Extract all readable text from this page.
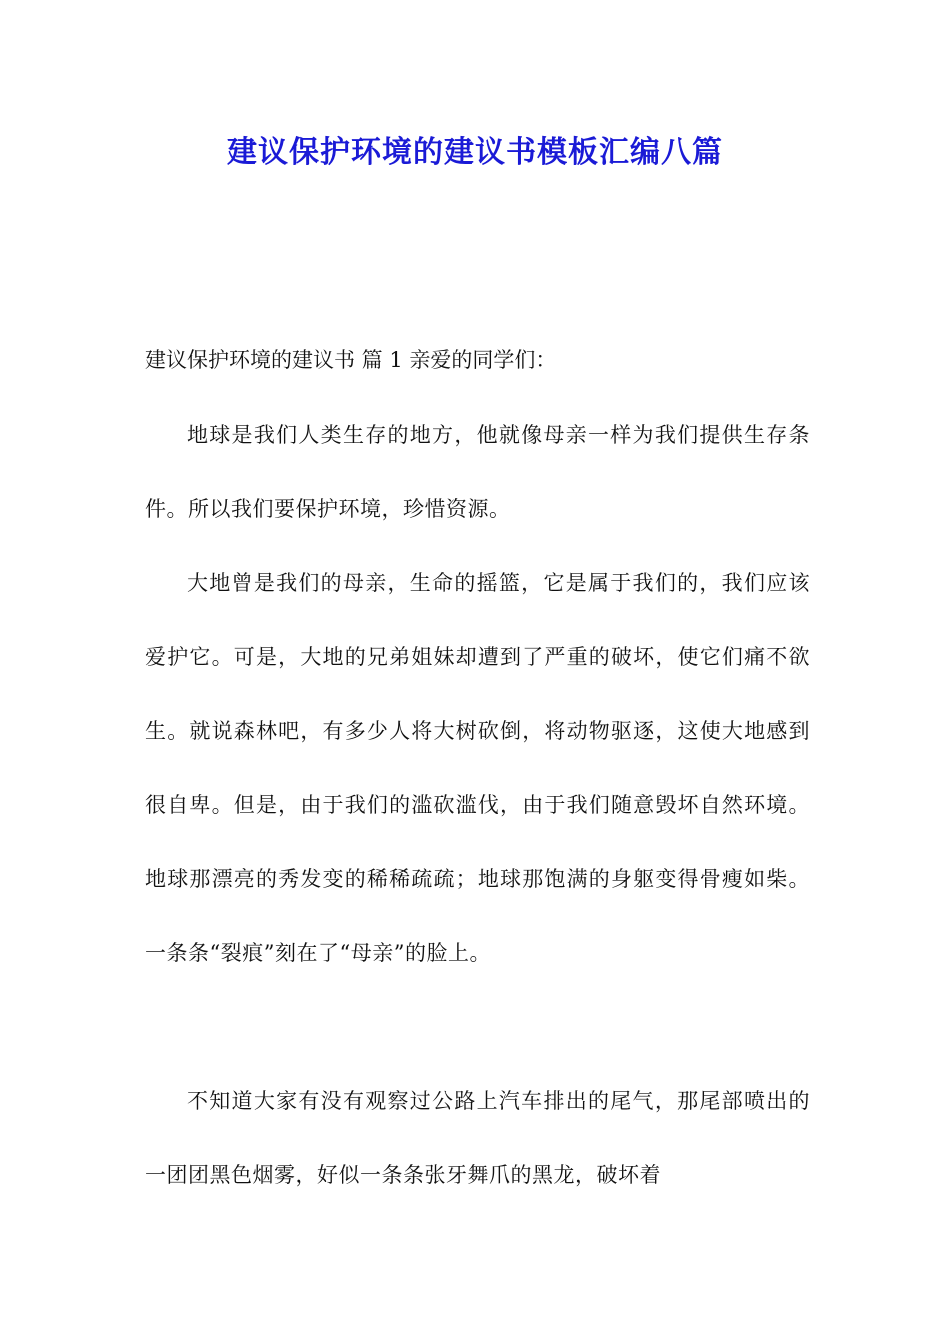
建议保护环境的建议书模板汇编八篇

建议保护环境的建议书 篇 1 亲爱的同学们：

地球是我们人类生存的地方，他就像母亲一样为我们提供生存条件。所以我们要保护环境，珍惜资源。

大地曾是我们的母亲，生命的摇篮，它是属于我们的，我们应该爱护它。可是，大地的兄弟姐妹却遭到了严重的破坏，使它们痛不欲生。就说森林吧，有多少人将大树砍倒，将动物驱逐，这使大地感到很自卑。但是，由于我们的滥砍滥伐，由于我们随意毁坏自然环境。地球那漂亮的秀发变的稀稀疏疏；地球那饱满的身躯变得骨瘦如柴。一条条“裂痕”刻在了“母亲”的脸上。

不知道大家有没有观察过公路上汽车排出的尾气，那尾部喷出的一团团黑色烟雾，好似一条条张牙舞爪的黑龙，破坏着
